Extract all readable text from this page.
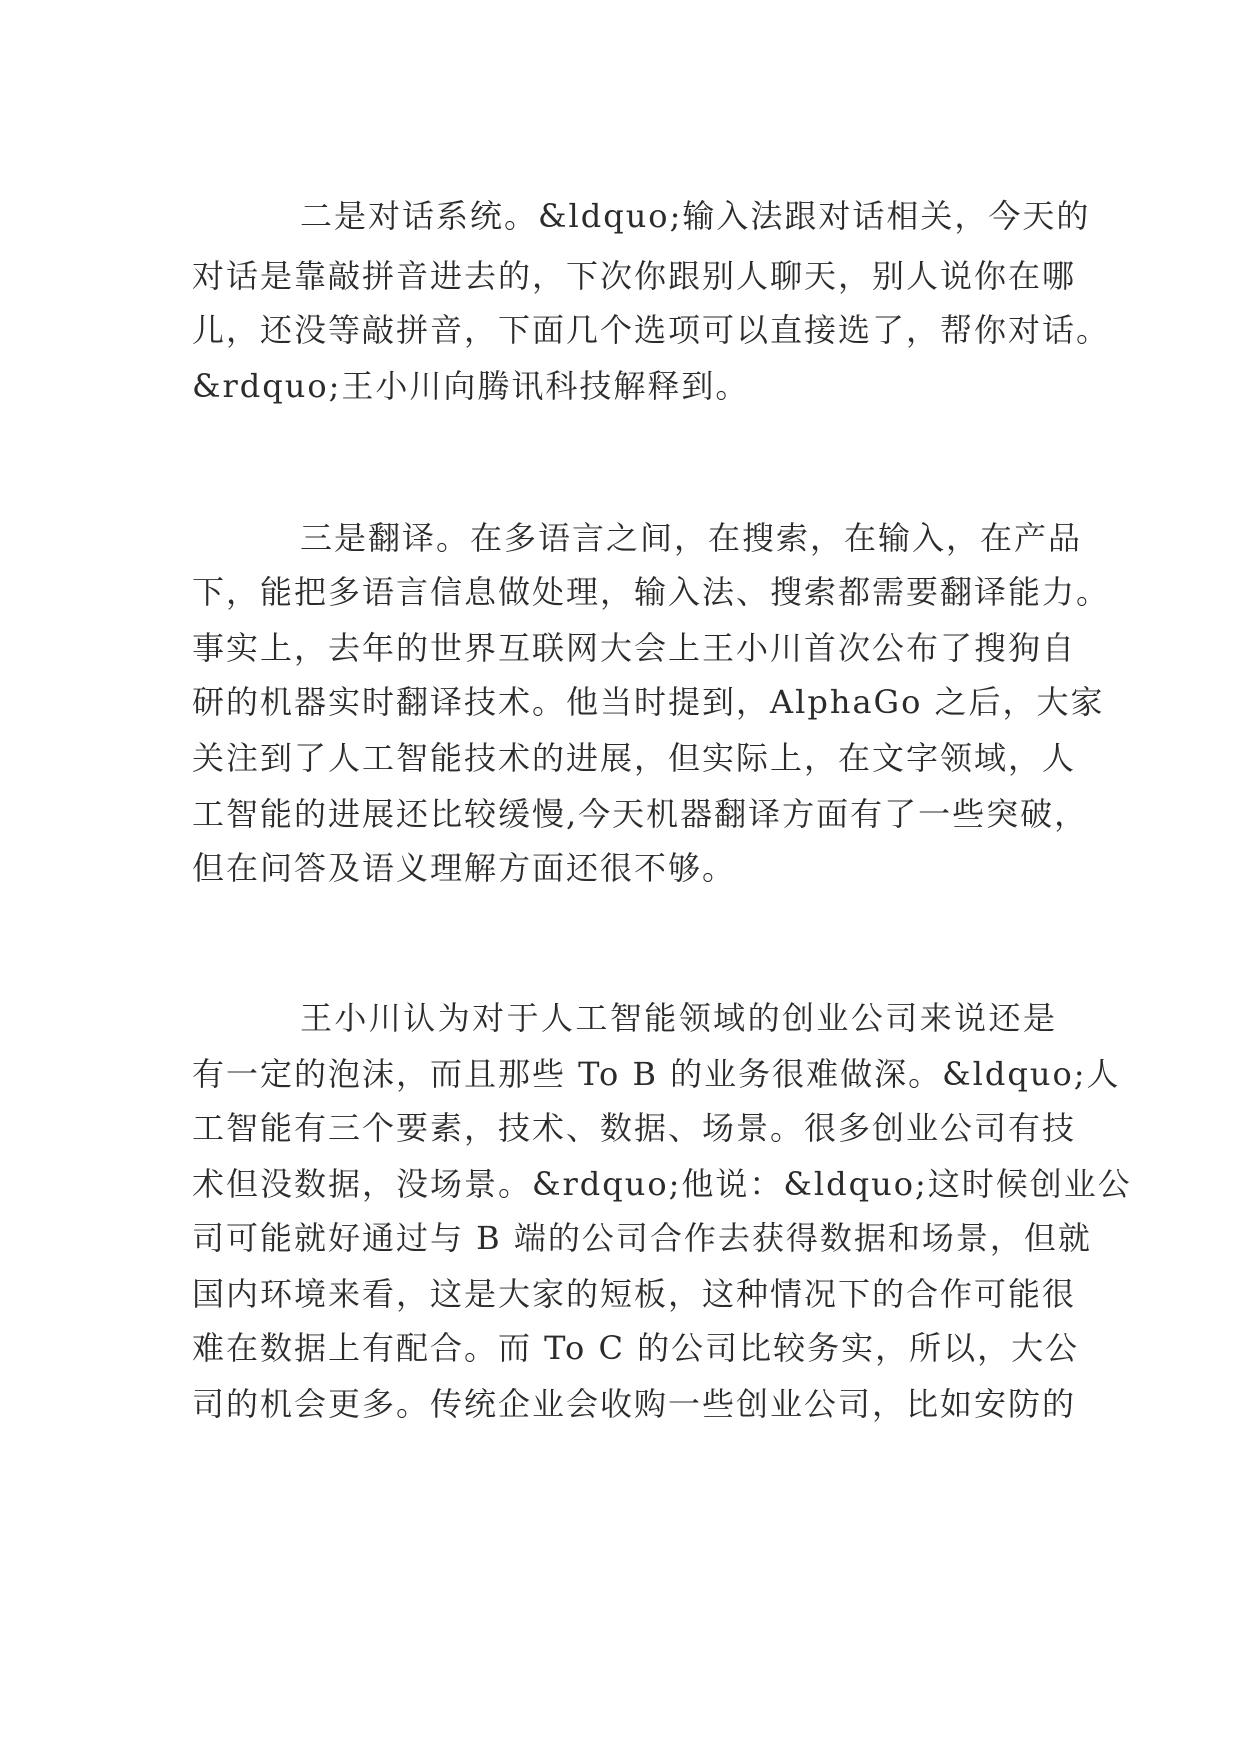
二是对话系统。&ldquo;输入法跟对话相关，今天的
对话是靠敲拼音进去的，下次你跟别人聊天，别人说你在哪
儿，还没等敲拼音，下面几个选项可以直接选了，帮你对话。
&rdquo;王小川向腾讯科技解释到。
三是翻译。在多语言之间，在搜索，在输入，在产品
下，能把多语言信息做处理，输入法、搜索都需要翻译能力。
事实上，去年的世界互联网大会上王小川首次公布了搜狗自
研的机器实时翻译技术。他当时提到，AlphaGo 之后，大家
关注到了人工智能技术的进展，但实际上，在文字领域，人
工智能的进展还比较缓慢,今天机器翻译方面有了一些突破，
但在问答及语义理解方面还很不够。
王小川认为对于人工智能领域的创业公司来说还是
有一定的泡沫，而且那些 To B 的业务很难做深。&ldquo;人
工智能有三个要素，技术、数据、场景。很多创业公司有技
术但没数据，没场景。&rdquo;他说：&ldquo;这时候创业公
司可能就好通过与 B 端的公司合作去获得数据和场景，但就
国内环境来看，这是大家的短板，这种情况下的合作可能很
难在数据上有配合。而 To C 的公司比较务实，所以，大公
司的机会更多。传统企业会收购一些创业公司，比如安防的
